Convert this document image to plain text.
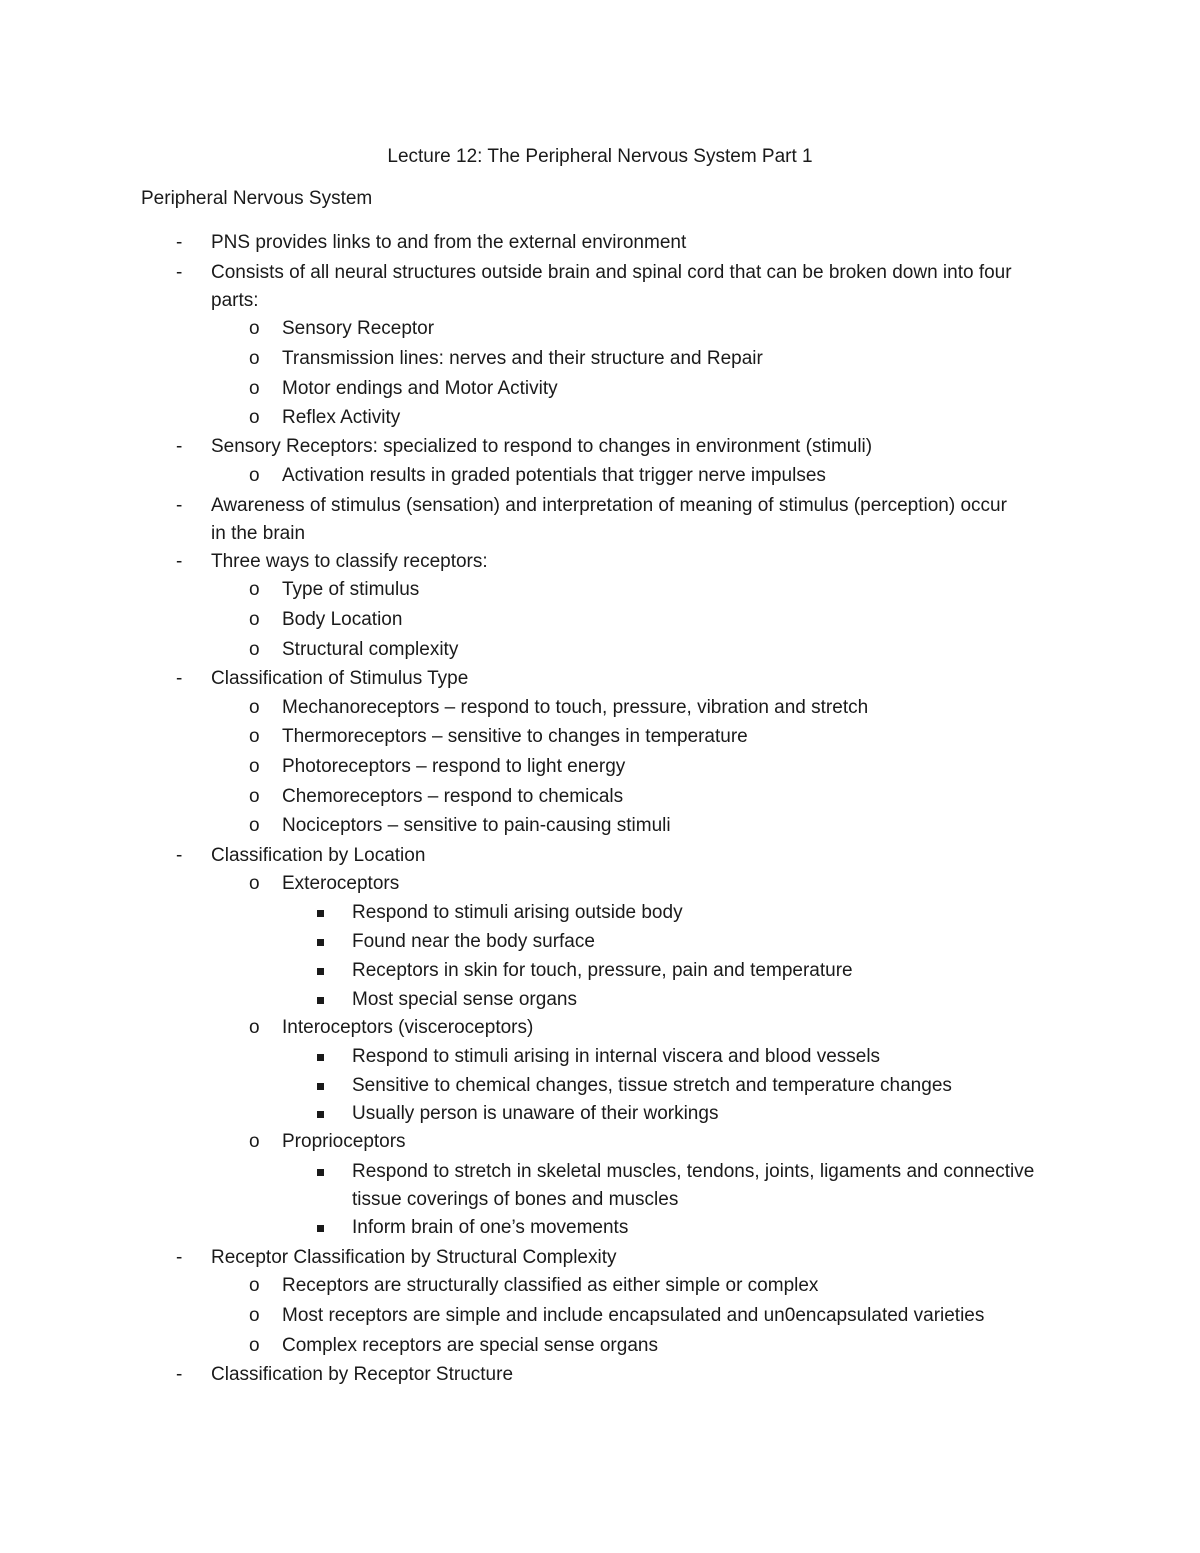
Lecture 12: The Peripheral Nervous System Part 1
Peripheral Nervous System
- PNS provides links to and from the external environment
- Consists of all neural structures outside brain and spinal cord that can be broken down into four
parts:
o Sensory Receptor
o Transmission lines: nerves and their structure and Repair
o Motor endings and Motor Activity
o Reflex Activity
- Sensory Receptors: specialized to respond to changes in environment (stimuli)
o Activation results in graded potentials that trigger nerve impulses
- Awareness of stimulus (sensation) and interpretation of meaning of stimulus (perception) occur
in the brain
- Three ways to classify receptors:
o Type of stimulus
o Body Location
o Structural complexity
- Classification of Stimulus Type
o Mechanoreceptors – respond to touch, pressure, vibration and stretch
o Thermoreceptors – sensitive to changes in temperature
o Photoreceptors – respond to light energy
o Chemoreceptors – respond to chemicals
o Nociceptors – sensitive to pain-causing stimuli
- Classification by Location
o Exteroceptors
Respond to stimuli arising outside body
Found near the body surface
Receptors in skin for touch, pressure, pain and temperature
Most special sense organs
o Interoceptors (visceroceptors)
Respond to stimuli arising in internal viscera and blood vessels
Sensitive to chemical changes, tissue stretch and temperature changes
Usually person is unaware of their workings
o Proprioceptors
Respond to stretch in skeletal muscles, tendons, joints, ligaments and connective
tissue coverings of bones and muscles
Inform brain of one’s movements
- Receptor Classification by Structural Complexity
o Receptors are structurally classified as either simple or complex
o Most receptors are simple and include encapsulated and un0encapsulated varieties
o Complex receptors are special sense organs
- Classification by Receptor Structure
